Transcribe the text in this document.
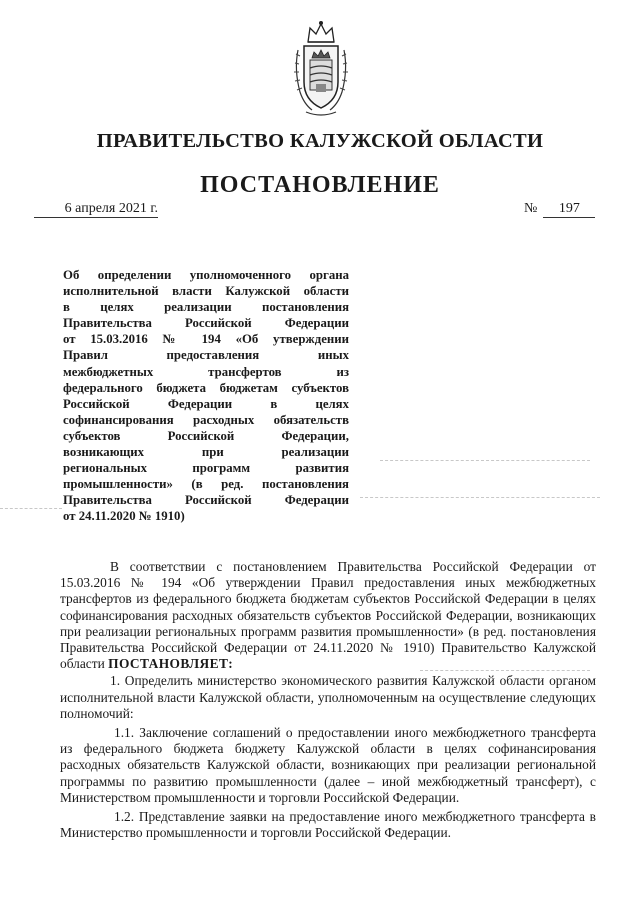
ПРАВИТЕЛЬСТВО КАЛУЖСКОЙ ОБЛАСТИ
ПОСТАНОВЛЕНИЕ
6 апреля 2021 г.	№ 197
Об определении уполномоченного органа
исполнительной власти Калужской области
в целях реализации постановления
Правительства Российской Федерации
от 15.03.2016 № 194 «Об утверждении
Правил предоставления иных
межбюджетных трансфертов из
федерального бюджета бюджетам субъектов
Российской Федерации в целях
софинансирования расходных обязательств
субъектов Российской Федерации,
возникающих при реализации
региональных программ развития
промышленности» (в ред. постановления
Правительства Российской Федерации
от 24.11.2020 № 1910)

В соответствии с постановлением Правительства Российской Федерации от 15.03.2016 № 194 «Об утверждении Правил предоставления иных межбюджетных трансфертов из федерального бюджета бюджетам субъектов Российской Федерации в целях софинансирования расходных обязательств субъектов Российской Федерации, возникающих при реализации региональных программ развития промышленности» (в ред. постановления Правительства Российской Федерации от 24.11.2020 № 1910) Правительство Калужской области ПОСТАНОВЛЯЕТ:

1. Определить министерство экономического развития Калужской области органом исполнительной власти Калужской области, уполномоченным на осуществление следующих полномочий:

1.1. Заключение соглашений о предоставлении иного межбюджетного трансферта из федерального бюджета бюджету Калужской области в целях софинансирования расходных обязательств Калужской области, возникающих при реализации региональной программы по развитию промышленности (далее – иной межбюджетный трансферт), с Министерством промышленности и торговли Российской Федерации.

1.2. Представление заявки на предоставление иного межбюджетного трансферта в Министерство промышленности и торговли Российской Федерации.
